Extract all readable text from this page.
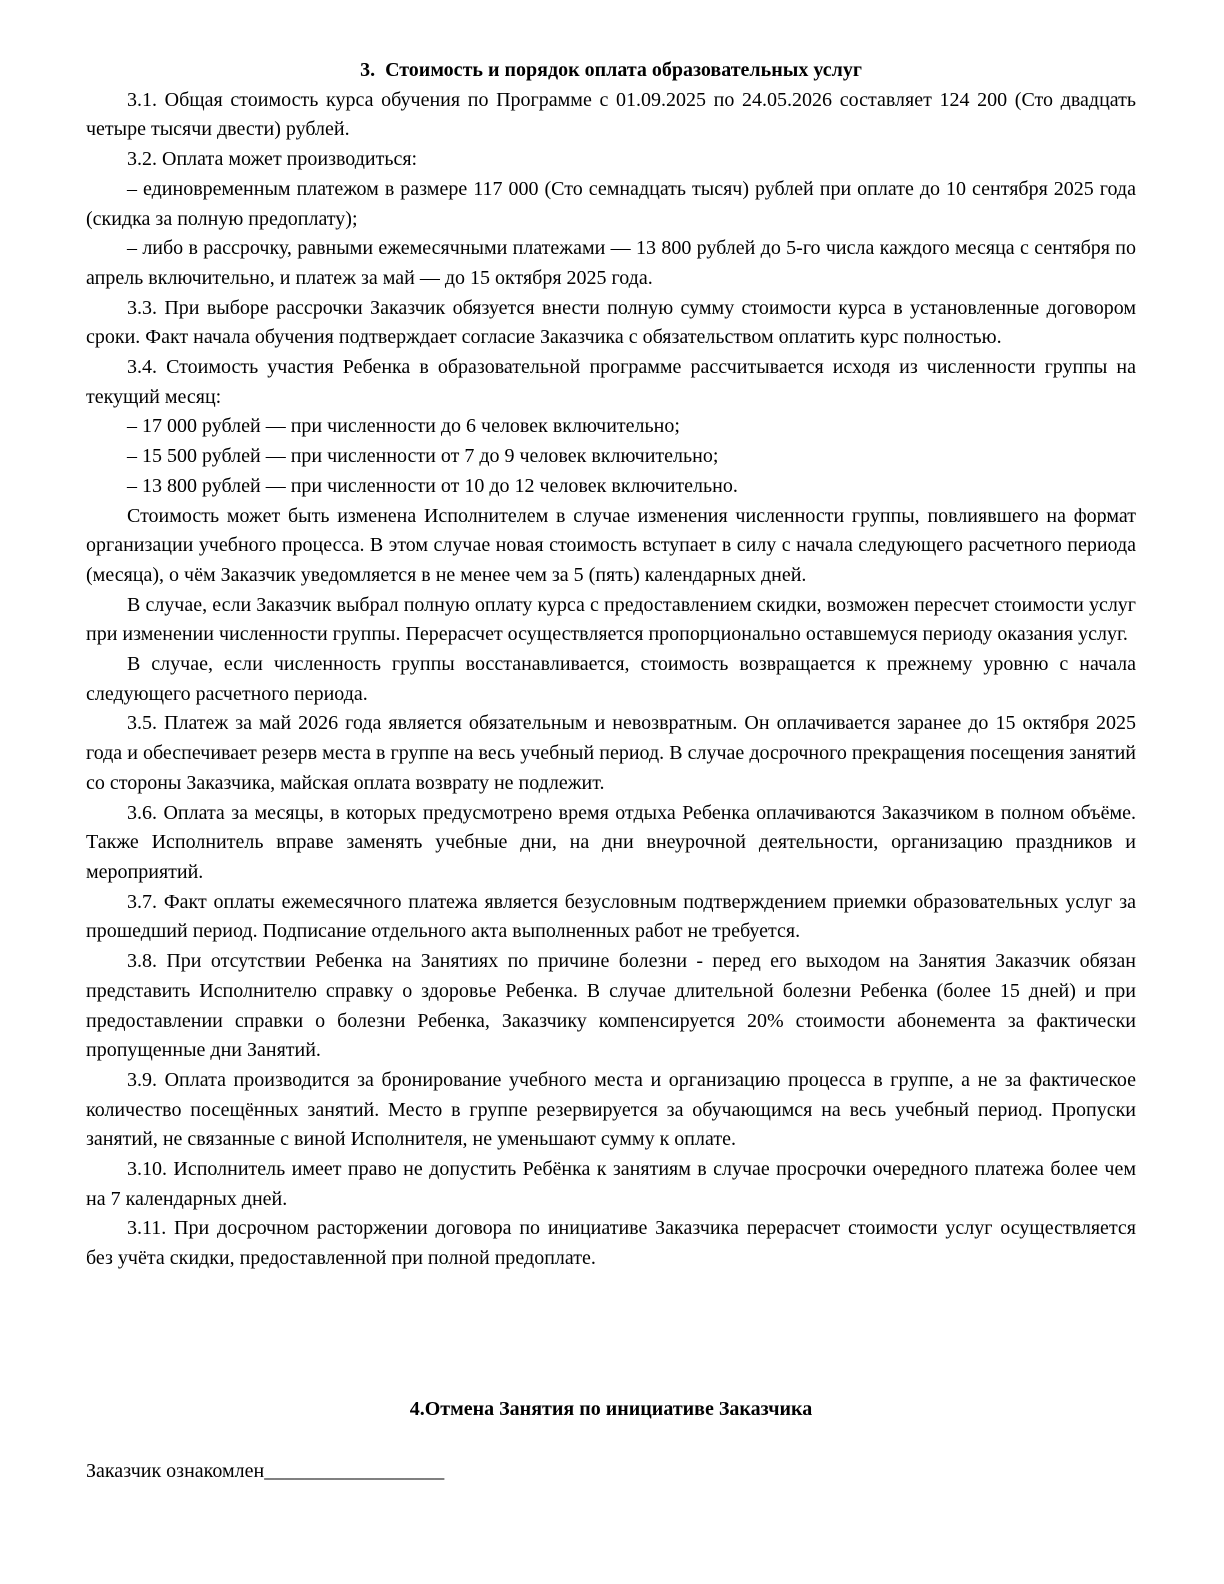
3.  Стоимость и порядок оплата образовательных услуг

3.1. Общая стоимость курса обучения по Программе с 01.09.2025 по 24.05.2026 составляет 124 200 (Сто двадцать четыре тысячи двести) рублей.

3.2. Оплата может производиться:

– единовременным платежом в размере 117 000 (Сто семнадцать тысяч) рублей при оплате до 10 сентября 2025 года (скидка за полную предоплату);

– либо в рассрочку, равными ежемесячными платежами — 13 800 рублей до 5-го числа каждого месяца с сентября по апрель включительно, и платеж за май — до 15 октября 2025 года.

3.3. При выборе рассрочки Заказчик обязуется внести полную сумму стоимости курса в установленные договором сроки. Факт начала обучения подтверждает согласие Заказчика с обязательством оплатить курс полностью.

3.4. Стоимость участия Ребенка в образовательной программе рассчитывается исходя из численности группы на текущий месяц:

– 17 000 рублей — при численности до 6 человек включительно;

– 15 500 рублей — при численности от 7 до 9 человек включительно;

– 13 800 рублей — при численности от 10 до 12 человек включительно.

Стоимость может быть изменена Исполнителем в случае изменения численности группы, повлиявшего на формат организации учебного процесса. В этом случае новая стоимость вступает в силу с начала следующего расчетного периода (месяца), о чём Заказчик уведомляется в не менее чем за 5 (пять) календарных дней.

В случае, если Заказчик выбрал полную оплату курса с предоставлением скидки, возможен пересчет стоимости услуг при изменении численности группы. Перерасчет осуществляется пропорционально оставшемуся периоду оказания услуг.

В случае, если численность группы восстанавливается, стоимость возвращается к прежнему уровню с начала следующего расчетного периода.

3.5. Платеж за май 2026 года является обязательным и невозвратным. Он оплачивается заранее до 15 октября 2025 года и обеспечивает резерв места в группе на весь учебный период. В случае досрочного прекращения посещения занятий со стороны Заказчика, майская оплата возврату не подлежит.

3.6. Оплата за месяцы, в которых предусмотрено время отдыха Ребенка оплачиваются Заказчиком в полном объёме. Также Исполнитель вправе заменять учебные дни, на дни внеурочной деятельности, организацию праздников и мероприятий.

3.7. Факт оплаты ежемесячного платежа является безусловным подтверждением приемки образовательных услуг за прошедший период. Подписание отдельного акта выполненных работ не требуется.

3.8. При отсутствии Ребенка на Занятиях по причине болезни - перед его выходом на Занятия Заказчик обязан представить Исполнителю справку о здоровье Ребенка. В случае длительной болезни Ребенка (более 15 дней) и при предоставлении справки о болезни Ребенка, Заказчику компенсируется 20% стоимости абонемента за фактически пропущенные дни Занятий.

3.9. Оплата производится за бронирование учебного места и организацию процесса в группе, а не за фактическое количество посещённых занятий. Место в группе резервируется за обучающимся на весь учебный период. Пропуски занятий, не связанные с виной Исполнителя, не уменьшают сумму к оплате.

3.10. Исполнитель имеет право не допустить Ребёнка к занятиям в случае просрочки очередного платежа более чем на 7 календарных дней.

3.11. При досрочном расторжении договора по инициативе Заказчика перерасчет стоимости услуг осуществляется без учёта скидки, предоставленной при полной предоплате.

4.Отмена Занятия по инициативе Заказчика

Заказчик ознакомлен__________________
